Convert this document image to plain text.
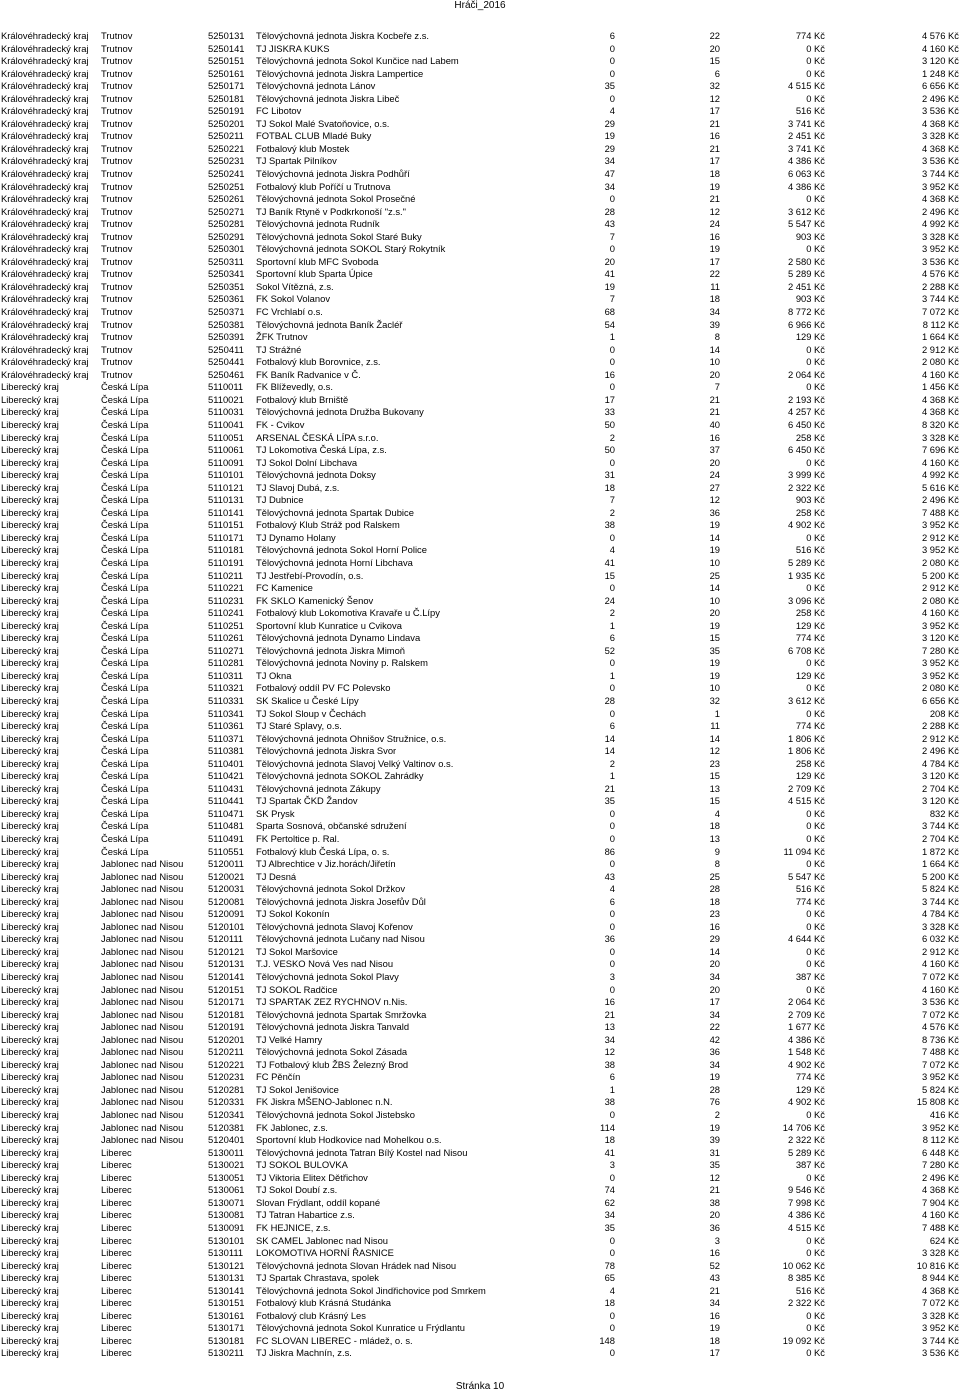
Hráči_2016
Královéhradecký kraj	Trutnov	5250131	Tělovýchovná jednota Jiskra Kocbeře z.s.	6	22	774 Kč	4 576 Kč
Královéhradecký kraj	Trutnov	5250141	TJ JISKRA KUKS	0	20	0 Kč	4 160 Kč
Královéhradecký kraj	Trutnov	5250151	Tělovýchovná jednota Sokol Kunčice nad Labem	0	15	0 Kč	3 120 Kč
Královéhradecký kraj	Trutnov	5250161	Tělovýchovná jednota Jiskra Lampertice	0	6	0 Kč	1 248 Kč
Královéhradecký kraj	Trutnov	5250171	Tělovýchovná jednota Lánov	35	32	4 515 Kč	6 656 Kč
Královéhradecký kraj	Trutnov	5250181	Tělovýchovná jednota Jiskra Libeč	0	12	0 Kč	2 496 Kč
Královéhradecký kraj	Trutnov	5250191	FC Libotov	4	17	516 Kč	3 536 Kč
Královéhradecký kraj	Trutnov	5250201	TJ Sokol Malé Svatoňovice, o.s.	29	21	3 741 Kč	4 368 Kč
Královéhradecký kraj	Trutnov	5250211	FOTBAL CLUB Mladé Buky	19	16	2 451 Kč	3 328 Kč
Královéhradecký kraj	Trutnov	5250221	Fotbalový klub Mostek	29	21	3 741 Kč	4 368 Kč
Královéhradecký kraj	Trutnov	5250231	TJ Spartak Pilníkov	34	17	4 386 Kč	3 536 Kč
Královéhradecký kraj	Trutnov	5250241	Tělovýchovná jednota Jiskra Podhůří	47	18	6 063 Kč	3 744 Kč
Královéhradecký kraj	Trutnov	5250251	Fotbalový klub Poříčí u Trutnova	34	19	4 386 Kč	3 952 Kč
Královéhradecký kraj	Trutnov	5250261	Tělovýchovná jednota Sokol Prosečné	0	21	0 Kč	4 368 Kč
Královéhradecký kraj	Trutnov	5250271	TJ Baník Rtyně v Podkrkonoší "z.s."	28	12	3 612 Kč	2 496 Kč
Královéhradecký kraj	Trutnov	5250281	Tělovýchovná jednota Rudník	43	24	5 547 Kč	4 992 Kč
Královéhradecký kraj	Trutnov	5250291	Tělovýchovná jednota Sokol Staré Buky	7	16	903 Kč	3 328 Kč
Královéhradecký kraj	Trutnov	5250301	Tělovýchovná jednota SOKOL Starý Rokytník	0	19	0 Kč	3 952 Kč
Královéhradecký kraj	Trutnov	5250311	Sportovní klub MFC Svoboda	20	17	2 580 Kč	3 536 Kč
Královéhradecký kraj	Trutnov	5250341	Sportovní klub Sparta Úpice	41	22	5 289 Kč	4 576 Kč
Královéhradecký kraj	Trutnov	5250351	Sokol Vítězná, z.s.	19	11	2 451 Kč	2 288 Kč
Královéhradecký kraj	Trutnov	5250361	FK Sokol Volanov	7	18	903 Kč	3 744 Kč
Královéhradecký kraj	Trutnov	5250371	FC Vrchlabí o.s.	68	34	8 772 Kč	7 072 Kč
Královéhradecký kraj	Trutnov	5250381	Tělovýchovná jednota Baník Žacléř	54	39	6 966 Kč	8 112 Kč
Královéhradecký kraj	Trutnov	5250391	ŽFK Trutnov	1	8	129 Kč	1 664 Kč
Královéhradecký kraj	Trutnov	5250411	TJ Strážné	0	14	0 Kč	2 912 Kč
Královéhradecký kraj	Trutnov	5250441	Fotbalový klub Borovnice, z.s.	0	10	0 Kč	2 080 Kč
Královéhradecký kraj	Trutnov	5250461	FK Baník Radvanice v Č.	16	20	2 064 Kč	4 160 Kč
Liberecký kraj	Česká Lípa	5110011	FK Blíževedly, o.s.	0	7	0 Kč	1 456 Kč
Liberecký kraj	Česká Lípa	5110021	Fotbalový klub Brniště	17	21	2 193 Kč	4 368 Kč
Liberecký kraj	Česká Lípa	5110031	Tělovýchovná jednota Družba Bukovany	33	21	4 257 Kč	4 368 Kč
Liberecký kraj	Česká Lípa	5110041	FK - Cvikov	50	40	6 450 Kč	8 320 Kč
Liberecký kraj	Česká Lípa	5110051	ARSENAL ČESKÁ LÍPA s.r.o.	2	16	258 Kč	3 328 Kč
Liberecký kraj	Česká Lípa	5110061	TJ Lokomotiva Česká Lípa, z.s.	50	37	6 450 Kč	7 696 Kč
Liberecký kraj	Česká Lípa	5110091	TJ Sokol Dolní Libchava	0	20	0 Kč	4 160 Kč
Liberecký kraj	Česká Lípa	5110101	Tělovýchovná jednota Doksy	31	24	3 999 Kč	4 992 Kč
Liberecký kraj	Česká Lípa	5110121	TJ Slavoj Dubá, z.s.	18	27	2 322 Kč	5 616 Kč
Liberecký kraj	Česká Lípa	5110131	TJ Dubnice	7	12	903 Kč	2 496 Kč
Liberecký kraj	Česká Lípa	5110141	Tělovýchovná jednota Spartak Dubice	2	36	258 Kč	7 488 Kč
Liberecký kraj	Česká Lípa	5110151	Fotbalový Klub Stráž pod Ralskem	38	19	4 902 Kč	3 952 Kč
Liberecký kraj	Česká Lípa	5110171	TJ Dynamo Holany	0	14	0 Kč	2 912 Kč
Liberecký kraj	Česká Lípa	5110181	Tělovýchovná jednota Sokol Horní Police	4	19	516 Kč	3 952 Kč
Liberecký kraj	Česká Lípa	5110191	Tělovýchovná jednota Horní Libchava	41	10	5 289 Kč	2 080 Kč
Liberecký kraj	Česká Lípa	5110211	TJ Jestřebí-Provodín, o.s.	15	25	1 935 Kč	5 200 Kč
Liberecký kraj	Česká Lípa	5110221	FC Kamenice	0	14	0 Kč	2 912 Kč
Liberecký kraj	Česká Lípa	5110231	FK SKLO Kamenický Šenov	24	10	3 096 Kč	2 080 Kč
Liberecký kraj	Česká Lípa	5110241	Fotbalový klub Lokomotiva Kravaře u Č.Lípy	2	20	258 Kč	4 160 Kč
Liberecký kraj	Česká Lípa	5110251	Sportovní klub Kunratice u Cvikova	1	19	129 Kč	3 952 Kč
Liberecký kraj	Česká Lípa	5110261	Tělovýchovná jednota Dynamo Lindava	6	15	774 Kč	3 120 Kč
Liberecký kraj	Česká Lípa	5110271	Tělovýchovná jednota Jiskra Mimoň	52	35	6 708 Kč	7 280 Kč
Liberecký kraj	Česká Lípa	5110281	Tělovýchovná jednota Noviny p. Ralskem	0	19	0 Kč	3 952 Kč
Liberecký kraj	Česká Lípa	5110311	TJ Okna	1	19	129 Kč	3 952 Kč
Liberecký kraj	Česká Lípa	5110321	Fotbalový oddíl PV FC Polevsko	0	10	0 Kč	2 080 Kč
Liberecký kraj	Česká Lípa	5110331	SK Skalice u České Lípy	28	32	3 612 Kč	6 656 Kč
Liberecký kraj	Česká Lípa	5110341	TJ Sokol Sloup v Čechách	0	1	0 Kč	208 Kč
Liberecký kraj	Česká Lípa	5110361	TJ Staré Splavy, o.s.	6	11	774 Kč	2 288 Kč
Liberecký kraj	Česká Lípa	5110371	Tělovýchovná jednota Ohnišov Stružnice, o.s.	14	14	1 806 Kč	2 912 Kč
Liberecký kraj	Česká Lípa	5110381	Tělovýchovná jednota Jiskra Svor	14	12	1 806 Kč	2 496 Kč
Liberecký kraj	Česká Lípa	5110401	Tělovýchovná jednota Slavoj Velký Valtinov o.s.	2	23	258 Kč	4 784 Kč
Liberecký kraj	Česká Lípa	5110421	Tělovýchovná jednota SOKOL Zahrádky	1	15	129 Kč	3 120 Kč
Liberecký kraj	Česká Lípa	5110431	Tělovýchovná jednota Zákupy	21	13	2 709 Kč	2 704 Kč
Liberecký kraj	Česká Lípa	5110441	TJ Spartak ČKD Žandov	35	15	4 515 Kč	3 120 Kč
Liberecký kraj	Česká Lípa	5110471	SK Prysk	0	4	0 Kč	832 Kč
Liberecký kraj	Česká Lípa	5110481	Sparta Sosnová, občanské sdružení	0	18	0 Kč	3 744 Kč
Liberecký kraj	Česká Lípa	5110491	FK Pertoltice p. Ral.	0	13	0 Kč	2 704 Kč
Liberecký kraj	Česká Lípa	5110551	Fotbalový klub Česká Lípa, o. s.	86	9	11 094 Kč	1 872 Kč
Liberecký kraj	Jablonec nad Nisou	5120011	TJ Albrechtice v Jiz.horách/Jiřetín	0	8	0 Kč	1 664 Kč
Liberecký kraj	Jablonec nad Nisou	5120021	TJ Desná	43	25	5 547 Kč	5 200 Kč
Liberecký kraj	Jablonec nad Nisou	5120031	Tělovýchovná jednota Sokol Držkov	4	28	516 Kč	5 824 Kč
Liberecký kraj	Jablonec nad Nisou	5120081	Tělovýchovná jednota Jiskra Josefův Důl	6	18	774 Kč	3 744 Kč
Liberecký kraj	Jablonec nad Nisou	5120091	TJ Sokol Kokonín	0	23	0 Kč	4 784 Kč
Liberecký kraj	Jablonec nad Nisou	5120101	Tělovýchovná jednota Slavoj Kořenov	0	16	0 Kč	3 328 Kč
Liberecký kraj	Jablonec nad Nisou	5120111	Tělovýchovná jednota Lučany nad Nisou	36	29	4 644 Kč	6 032 Kč
Liberecký kraj	Jablonec nad Nisou	5120121	TJ Sokol Maršovice	0	14	0 Kč	2 912 Kč
Liberecký kraj	Jablonec nad Nisou	5120131	T.J. VESKO Nová Ves nad Nisou	0	20	0 Kč	4 160 Kč
Liberecký kraj	Jablonec nad Nisou	5120141	Tělovýchovná jednota Sokol Plavy	3	34	387 Kč	7 072 Kč
Liberecký kraj	Jablonec nad Nisou	5120151	TJ SOKOL Radčice	0	20	0 Kč	4 160 Kč
Liberecký kraj	Jablonec nad Nisou	5120171	TJ SPARTAK ZEZ RYCHNOV n.Nis.	16	17	2 064 Kč	3 536 Kč
Liberecký kraj	Jablonec nad Nisou	5120181	Tělovýchovná jednota Spartak Smržovka	21	34	2 709 Kč	7 072 Kč
Liberecký kraj	Jablonec nad Nisou	5120191	Tělovýchovná jednota Jiskra Tanvald	13	22	1 677 Kč	4 576 Kč
Liberecký kraj	Jablonec nad Nisou	5120201	TJ Velké Hamry	34	42	4 386 Kč	8 736 Kč
Liberecký kraj	Jablonec nad Nisou	5120211	Tělovýchovná jednota Sokol Zásada	12	36	1 548 Kč	7 488 Kč
Liberecký kraj	Jablonec nad Nisou	5120221	TJ Fotbalový klub ŽBS Železný Brod	38	34	4 902 Kč	7 072 Kč
Liberecký kraj	Jablonec nad Nisou	5120231	FC Pěnčín	6	19	774 Kč	3 952 Kč
Liberecký kraj	Jablonec nad Nisou	5120281	TJ Sokol Jenišovice	1	28	129 Kč	5 824 Kč
Liberecký kraj	Jablonec nad Nisou	5120331	FK Jiskra MŠENO-Jablonec n.N.	38	76	4 902 Kč	15 808 Kč
Liberecký kraj	Jablonec nad Nisou	5120341	Tělovýchovná jednota Sokol Jistebsko	0	2	0 Kč	416 Kč
Liberecký kraj	Jablonec nad Nisou	5120381	FK Jablonec, z.s.	114	19	14 706 Kč	3 952 Kč
Liberecký kraj	Jablonec nad Nisou	5120401	Sportovní klub Hodkovice nad Mohelkou o.s.	18	39	2 322 Kč	8 112 Kč
Liberecký kraj	Liberec	5130011	Tělovýchovná jednota Tatran Bílý Kostel nad Nisou	41	31	5 289 Kč	6 448 Kč
Liberecký kraj	Liberec	5130021	TJ SOKOL BULOVKA	3	35	387 Kč	7 280 Kč
Liberecký kraj	Liberec	5130051	TJ Viktoria Elitex Dětřichov	0	12	0 Kč	2 496 Kč
Liberecký kraj	Liberec	5130061	TJ Sokol Doubí z.s.	74	21	9 546 Kč	4 368 Kč
Liberecký kraj	Liberec	5130071	Slovan Frýdlant, oddíl kopané	62	38	7 998 Kč	7 904 Kč
Liberecký kraj	Liberec	5130081	TJ Tatran Habartice z.s.	34	20	4 386 Kč	4 160 Kč
Liberecký kraj	Liberec	5130091	FK HEJNICE, z.s.	35	36	4 515 Kč	7 488 Kč
Liberecký kraj	Liberec	5130101	SK CAMEL Jablonec nad Nisou	0	3	0 Kč	624 Kč
Liberecký kraj	Liberec	5130111	LOKOMOTIVA HORNÍ ŘASNICE	0	16	0 Kč	3 328 Kč
Liberecký kraj	Liberec	5130121	Tělovýchovná jednota Slovan Hrádek nad Nisou	78	52	10 062 Kč	10 816 Kč
Liberecký kraj	Liberec	5130131	TJ Spartak Chrastava, spolek	65	43	8 385 Kč	8 944 Kč
Liberecký kraj	Liberec	5130141	Tělovýchovná jednota Sokol Jindřichovice pod Smrkem	4	21	516 Kč	4 368 Kč
Liberecký kraj	Liberec	5130151	Fotbalový klub Krásná Studánka	18	34	2 322 Kč	7 072 Kč
Liberecký kraj	Liberec	5130161	Fotbalový club Krásný Les	0	16	0 Kč	3 328 Kč
Liberecký kraj	Liberec	5130171	Tělovýchovná jednota Sokol Kunratice u Frýdlantu	0	19	0 Kč	3 952 Kč
Liberecký kraj	Liberec	5130181	FC SLOVAN LIBEREC - mládež, o. s.	148	18	19 092 Kč	3 744 Kč
Liberecký kraj	Liberec	5130211	TJ Jiskra Machnín, z.s.	0	17	0 Kč	3 536 Kč
Stránka 10
